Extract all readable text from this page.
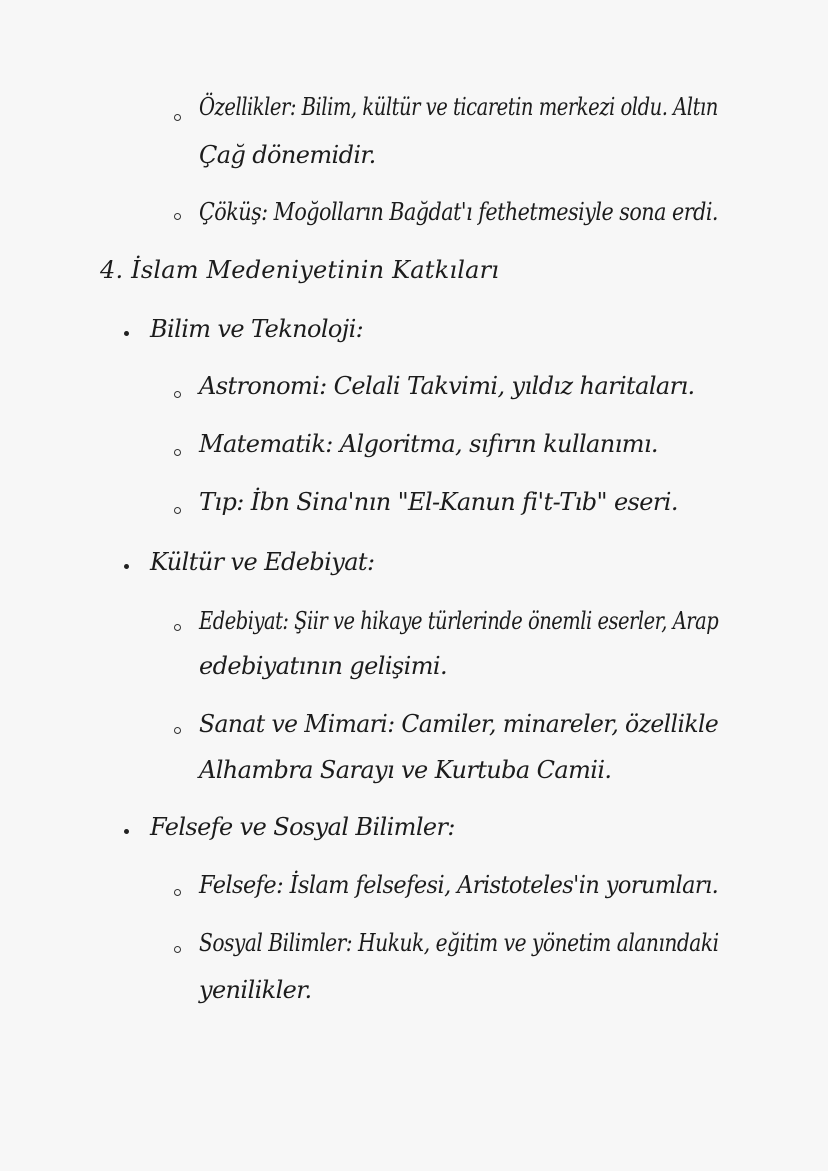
Özellikler: Bilim, kültür ve ticaretin merkezi oldu. Altın
Çağ dönemidir.
Çöküş: Moğolların Bağdat'ı fethetmesiyle sona erdi.
4. İslam Medeniyetinin Katkıları
Bilim ve Teknoloji:
Astronomi: Celali Takvimi, yıldız haritaları.
Matematik: Algoritma, sıfırın kullanımı.
Tıp: İbn Sina'nın "El-Kanun fi't-Tıb" eseri.
Kültür ve Edebiyat:
Edebiyat: Şiir ve hikaye türlerinde önemli eserler, Arap
edebiyatının gelişimi.
Sanat ve Mimari: Camiler, minareler, özellikle
Alhambra Sarayı ve Kurtuba Camii.
Felsefe ve Sosyal Bilimler:
Felsefe: İslam felsefesi, Aristoteles'in yorumları.
Sosyal Bilimler: Hukuk, eğitim ve yönetim alanındaki
yenilikler.
